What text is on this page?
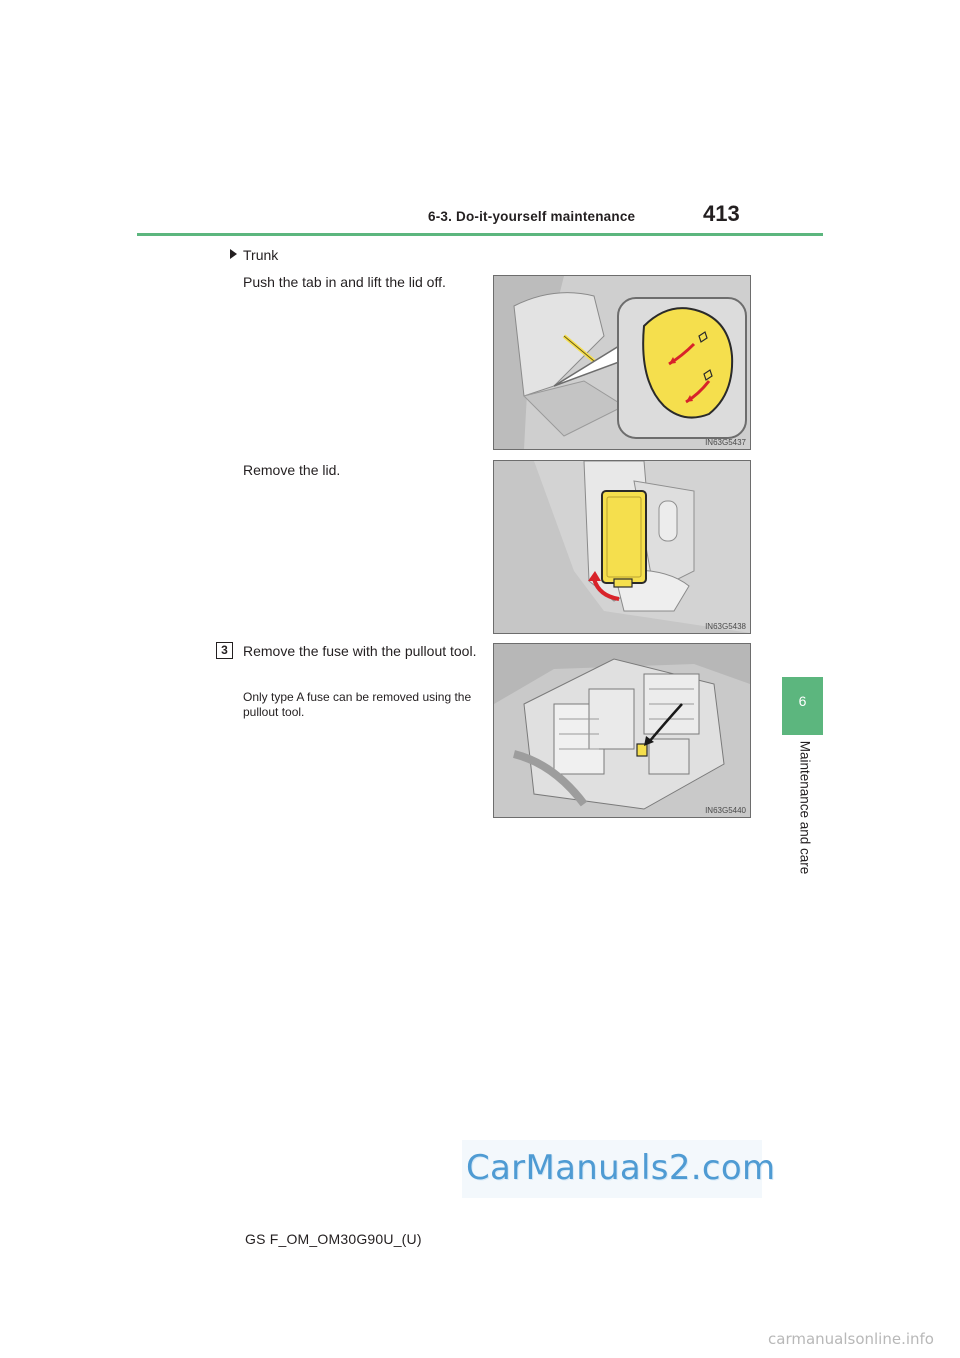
6-3. Do-it-yourself maintenance	413
6
Maintenance and care
Trunk
Push the tab in and lift the lid off.
Remove the lid.
3	Remove the fuse with the pullout tool.
Only type A fuse can be removed using the pullout tool.
IN63G5437
IN63G5438
IN63G5440
GS F_OM_OM30G90U_(U)
CarManuals2.com
carmanualsonline.info
